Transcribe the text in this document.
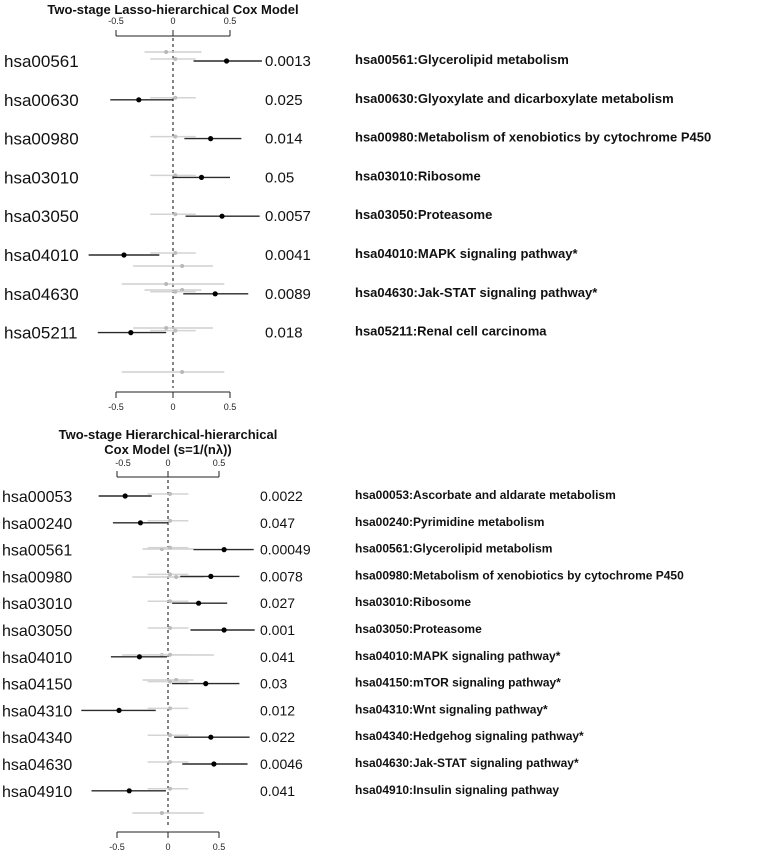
Two-stage Lasso-hierarchical Cox Model
-0.5	0	0.5
-0.5	0	0.5
hsa00561	0.0013	hsa00561:Glycerolipid metabolism
hsa00630	0.025	hsa00630:Glyoxylate and dicarboxylate metabolism
hsa00980	0.014	hsa00980:Metabolism of xenobiotics by cytochrome P450
hsa03010	0.05	hsa03010:Ribosome
hsa03050	0.0057	hsa03050:Proteasome
hsa04010	0.0041	hsa04010:MAPK signaling pathway*
hsa04630	0.0089	hsa04630:Jak-STAT signaling pathway*
hsa05211	0.018	hsa05211:Renal cell carcinoma
Two-stage Hierarchical-hierarchical
Cox Model (s=1/(nλ))
-0.5	0	0.5
-0.5	0	0.5
hsa00053	0.0022	hsa00053:Ascorbate and aldarate metabolism
hsa00240	0.047	hsa00240:Pyrimidine metabolism
hsa00561	0.00049	hsa00561:Glycerolipid metabolism
hsa00980	0.0078	hsa00980:Metabolism of xenobiotics by cytochrome P450
hsa03010	0.027	hsa03010:Ribosome
hsa03050	0.001	hsa03050:Proteasome
hsa04010	0.041	hsa04010:MAPK signaling pathway*
hsa04150	0.03	hsa04150:mTOR signaling pathway*
hsa04310	0.012	hsa04310:Wnt signaling pathway*
hsa04340	0.022	hsa04340:Hedgehog signaling pathway*
hsa04630	0.0046	hsa04630:Jak-STAT signaling pathway*
hsa04910	0.041	hsa04910:Insulin signaling pathway
